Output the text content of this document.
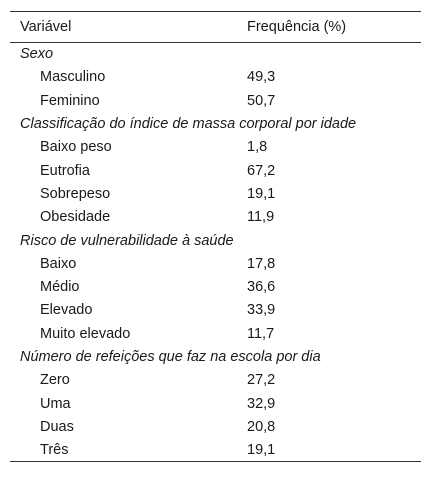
Variável	Frequência (%)
Sexo	
Masculino	49,3
Feminino	50,7
Classificação do índice de massa corporal por idade	
Baixo peso	1,8
Eutrofia	67,2
Sobrepeso	19,1
Obesidade	11,9
Risco de vulnerabilidade à saúde	
Baixo	17,8
Médio	36,6
Elevado	33,9
Muito elevado	11,7
Número de refeições que faz na escola por dia	
Zero	27,2
Uma	32,9
Duas	20,8
Três	19,1
